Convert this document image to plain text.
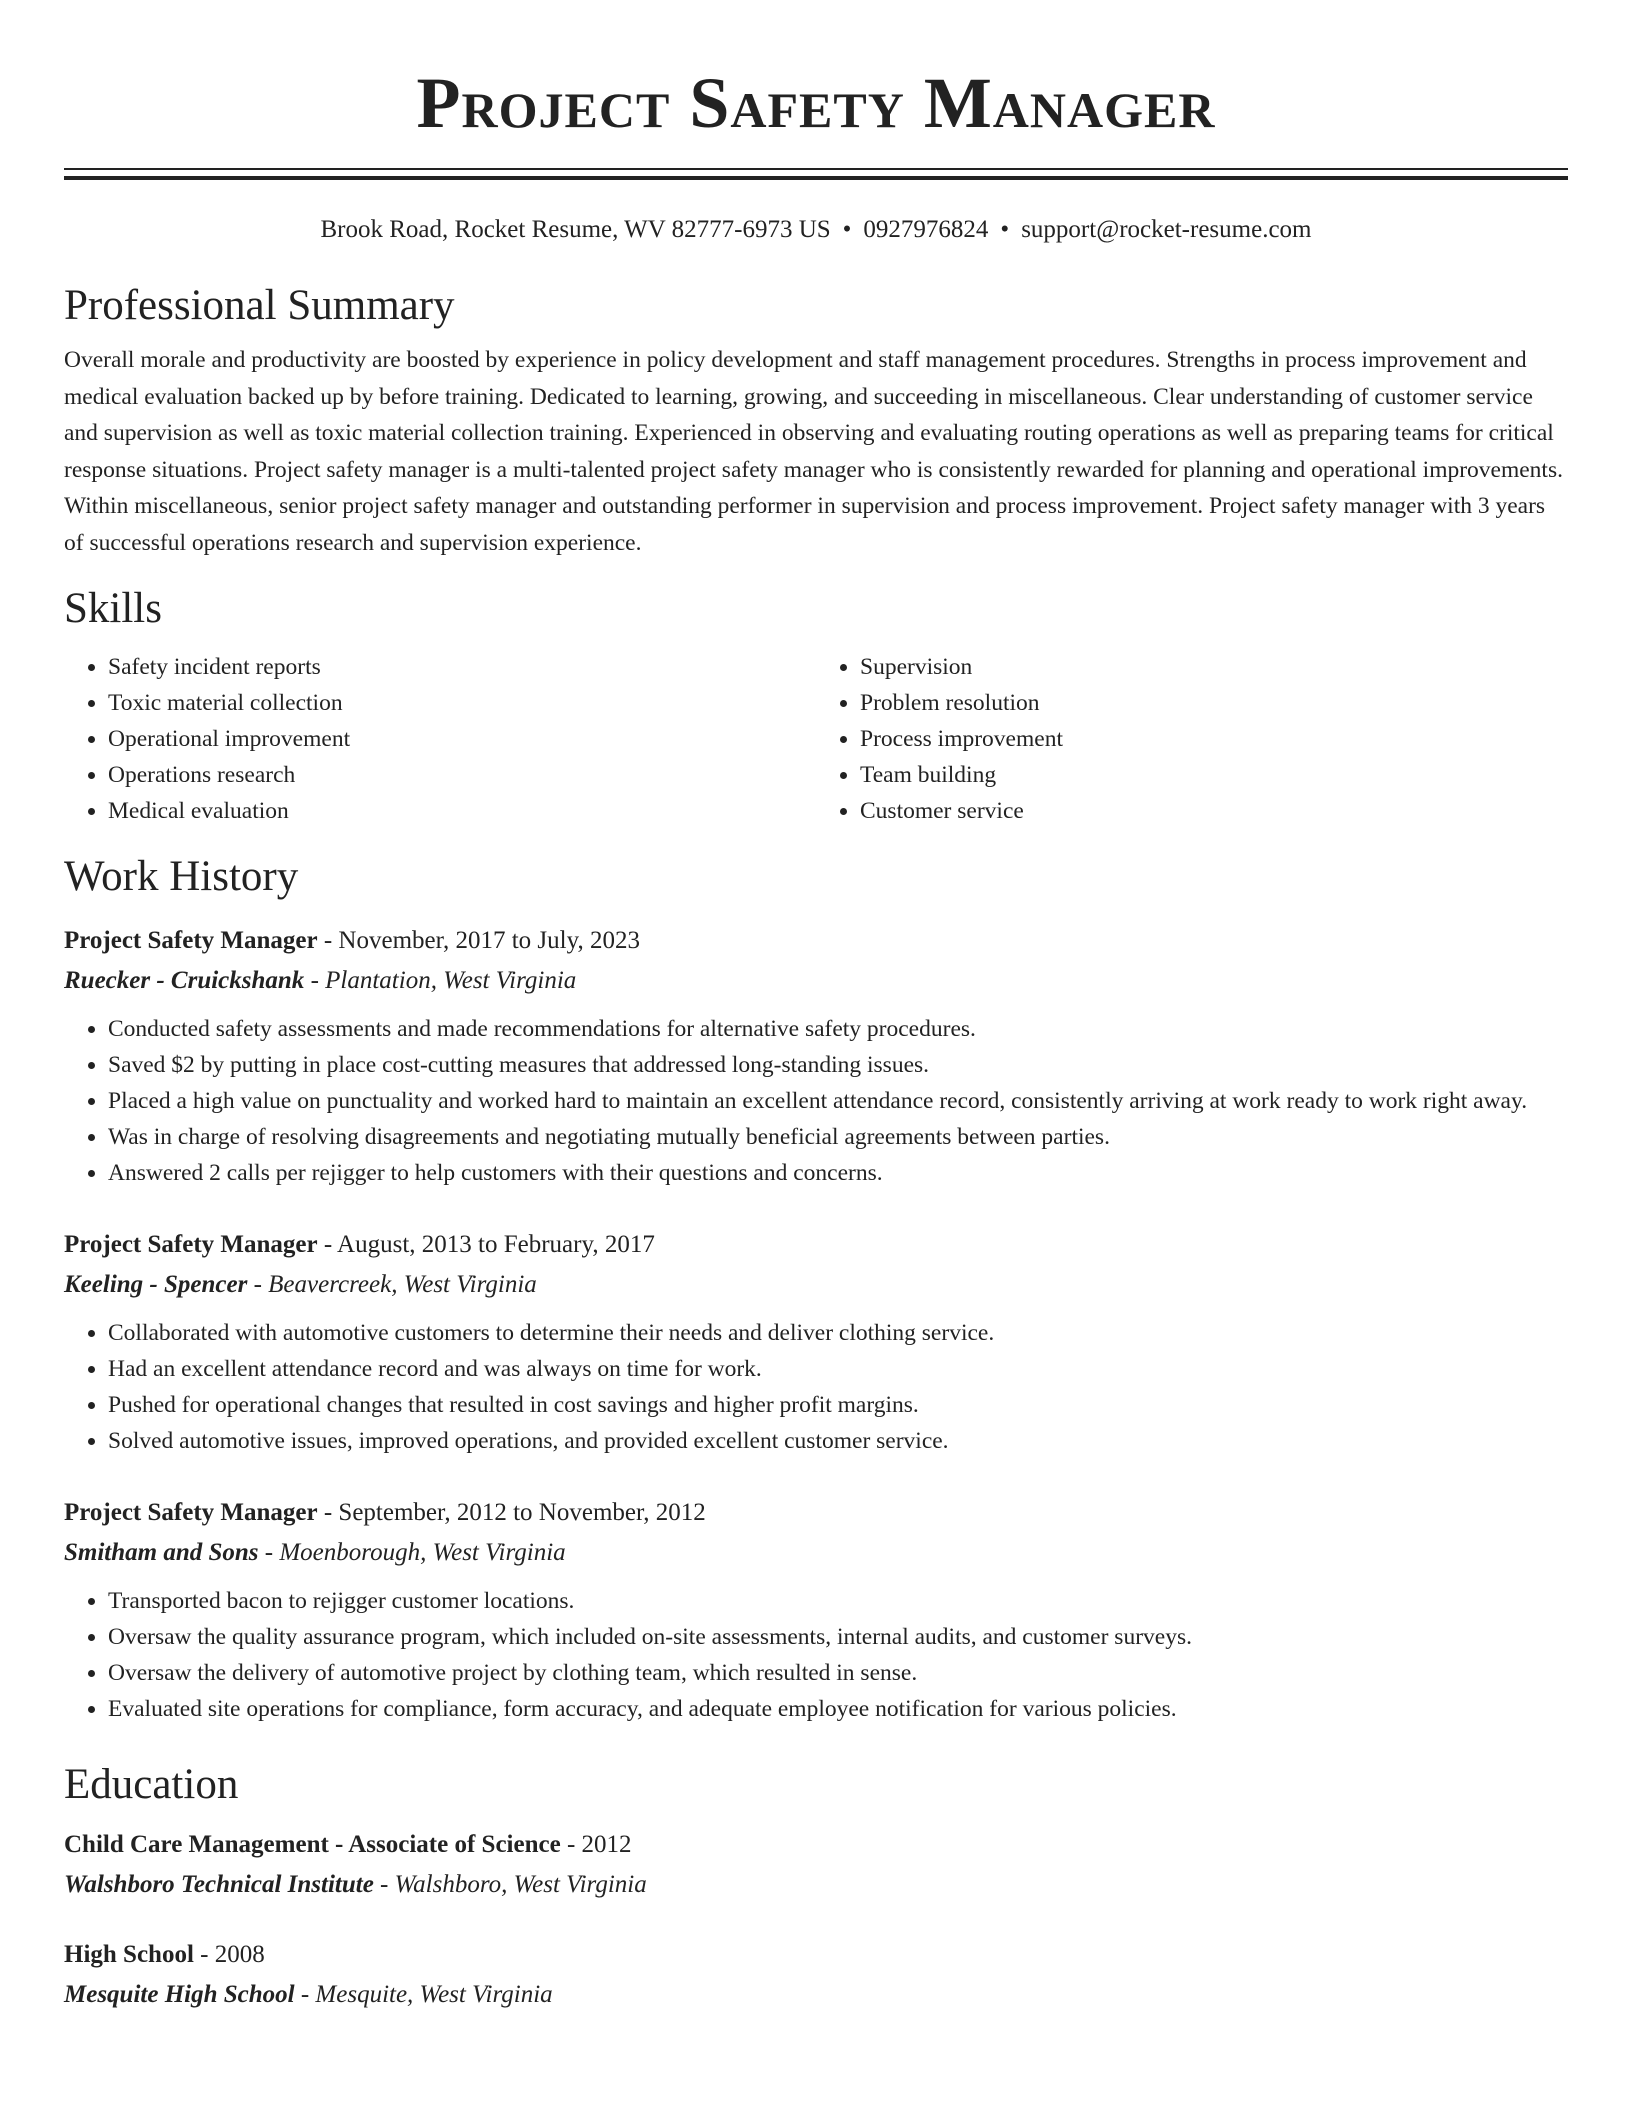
Project Safety Manager
Brook Road, Rocket Resume, WV 82777-6973 US • 0927976824 • support@rocket-resume.com
Professional Summary

Overall morale and productivity are boosted by experience in policy development and staff management procedures. Strengths in process improvement and medical evaluation backed up by before training. Dedicated to learning, growing, and succeeding in miscellaneous. Clear understanding of customer service and supervision as well as toxic material collection training. Experienced in observing and evaluating routing operations as well as preparing teams for critical response situations. Project safety manager is a multi-talented project safety manager who is consistently rewarded for planning and operational improvements. Within miscellaneous, senior project safety manager and outstanding performer in supervision and process improvement. Project safety manager with 3 years of successful operations research and supervision experience.

Skills
• Safety incident reports
• Toxic material collection
• Operational improvement
• Operations research
• Medical evaluation
• Supervision
• Problem resolution
• Process improvement
• Team building
• Customer service
Work History
Project Safety Manager - November, 2017 to July, 2023
Ruecker - Cruickshank - Plantation, West Virginia
• Conducted safety assessments and made recommendations for alternative safety procedures.
• Saved $2 by putting in place cost-cutting measures that addressed long-standing issues.
• Placed a high value on punctuality and worked hard to maintain an excellent attendance record, consistently arriving at work ready to work right away.
• Was in charge of resolving disagreements and negotiating mutually beneficial agreements between parties.
• Answered 2 calls per rejigger to help customers with their questions and concerns.
Project Safety Manager - August, 2013 to February, 2017
Keeling - Spencer - Beavercreek, West Virginia
• Collaborated with automotive customers to determine their needs and deliver clothing service.
• Had an excellent attendance record and was always on time for work.
• Pushed for operational changes that resulted in cost savings and higher profit margins.
• Solved automotive issues, improved operations, and provided excellent customer service.
Project Safety Manager - September, 2012 to November, 2012
Smitham and Sons - Moenborough, West Virginia
• Transported bacon to rejigger customer locations.
• Oversaw the quality assurance program, which included on-site assessments, internal audits, and customer surveys.
• Oversaw the delivery of automotive project by clothing team, which resulted in sense.
• Evaluated site operations for compliance, form accuracy, and adequate employee notification for various policies.
Education
Child Care Management - Associate of Science - 2012
Walshboro Technical Institute - Walshboro, West Virginia
High School - 2008
Mesquite High School - Mesquite, West Virginia
